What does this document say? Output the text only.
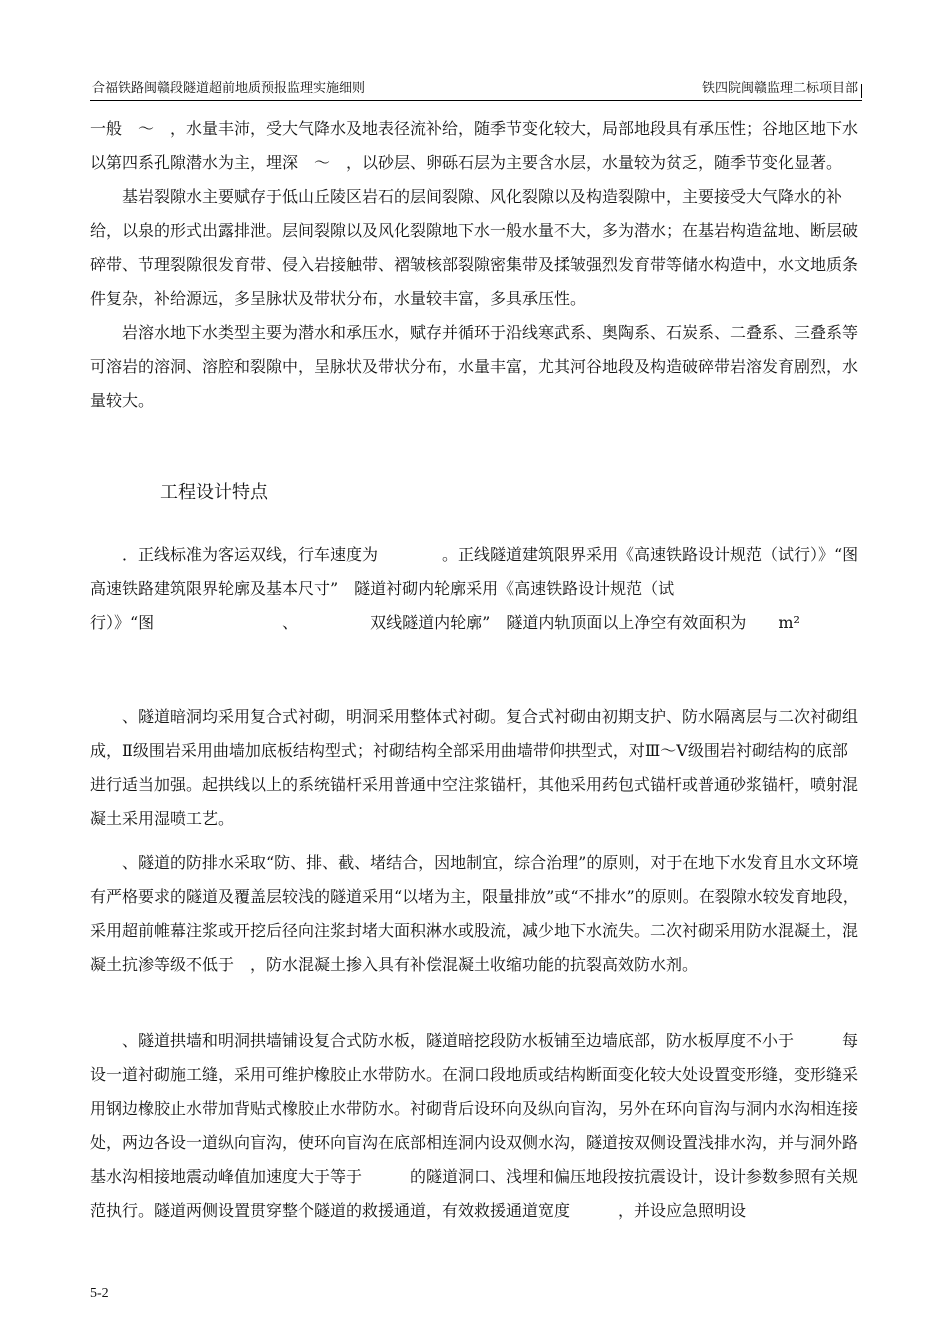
合福铁路闽赣段隧道超前地质预报监理实施细则	铁四院闽赣监理二标项目部

一般　～　，水量丰沛，受大气降水及地表径流补给，随季节变化较大，局部地段具有承压性；谷地区地下水以第四系孔隙潜水为主，埋深　～　，以砂层、卵砾石层为主要含水层，水量较为贫乏，随季节变化显著。

基岩裂隙水主要赋存于低山丘陵区岩石的层间裂隙、风化裂隙以及构造裂隙中，主要接受大气降水的补给，以泉的形式出露排泄。层间裂隙以及风化裂隙地下水一般水量不大，多为潜水；在基岩构造盆地、断层破碎带、节理裂隙很发育带、侵入岩接触带、褶皱核部裂隙密集带及揉皱强烈发育带等储水构造中，水文地质条件复杂，补给源远，多呈脉状及带状分布，水量较丰富，多具承压性。

岩溶水地下水类型主要为潜水和承压水，赋存并循环于沿线寒武系、奥陶系、石炭系、二叠系、三叠系等可溶岩的溶洞、溶腔和裂隙中，呈脉状及带状分布，水量丰富，尤其河谷地段及构造破碎带岩溶发育剧烈，水量较大。

工程设计特点

　　．正线标准为客运双线，行车速度为　　　　。正线隧道建筑限界采用《高速铁路设计规范（试行）》“图　　　　高速铁路建筑限界轮廓及基本尺寸”　隧道衬砌内轮廓采用《高速铁路设计规范（试行）》“图　　　　　　　　、　　　　　双线隧道内轮廓”　隧道内轨顶面以上净空有效面积为　　m²

、隧道暗洞均采用复合式衬砌，明洞采用整体式衬砌。复合式衬砌由初期支护、防水隔离层与二次衬砌组成，Ⅱ级围岩采用曲墙加底板结构型式；衬砌结构全部采用曲墙带仰拱型式，对Ⅲ～Ⅴ级围岩衬砌结构的底部进行适当加强。起拱线以上的系统锚杆采用普通中空注浆锚杆，其他采用药包式锚杆或普通砂浆锚杆，喷射混凝土采用湿喷工艺。

、隧道的防排水采取“防、排、截、堵结合，因地制宜，综合治理”的原则，对于在地下水发育且水文环境有严格要求的隧道及覆盖层较浅的隧道采用“以堵为主，限量排放”或“不排水”的原则。在裂隙水较发育地段，采用超前帷幕注浆或开挖后径向注浆封堵大面积淋水或股流，减少地下水流失。二次衬砌采用防水混凝土，混凝土抗渗等级不低于　，防水混凝土掺入具有补偿混凝土收缩功能的抗裂高效防水剂。

、隧道拱墙和明洞拱墙铺设复合式防水板，隧道暗挖段防水板铺至边墙底部，防水板厚度不小于　　　每　　设一道衬砌施工缝，采用可维护橡胶止水带防水。在洞口段地质或结构断面变化较大处设置变形缝，变形缝采用钢边橡胶止水带加背贴式橡胶止水带防水。衬砌背后设环向及纵向盲沟，另外在环向盲沟与洞内水沟相连接处，两边各设一道纵向盲沟，使环向盲沟在底部相连洞内设双侧水沟，隧道按双侧设置浅排水沟，并与洞外路基水沟相接地震动峰值加速度大于等于　　　的隧道洞口、浅埋和偏压地段按抗震设计，设计参数参照有关规范执行。隧道两侧设置贯穿整个隧道的救援通道，有效救援通道宽度　　　，并设应急照明设

5-2
